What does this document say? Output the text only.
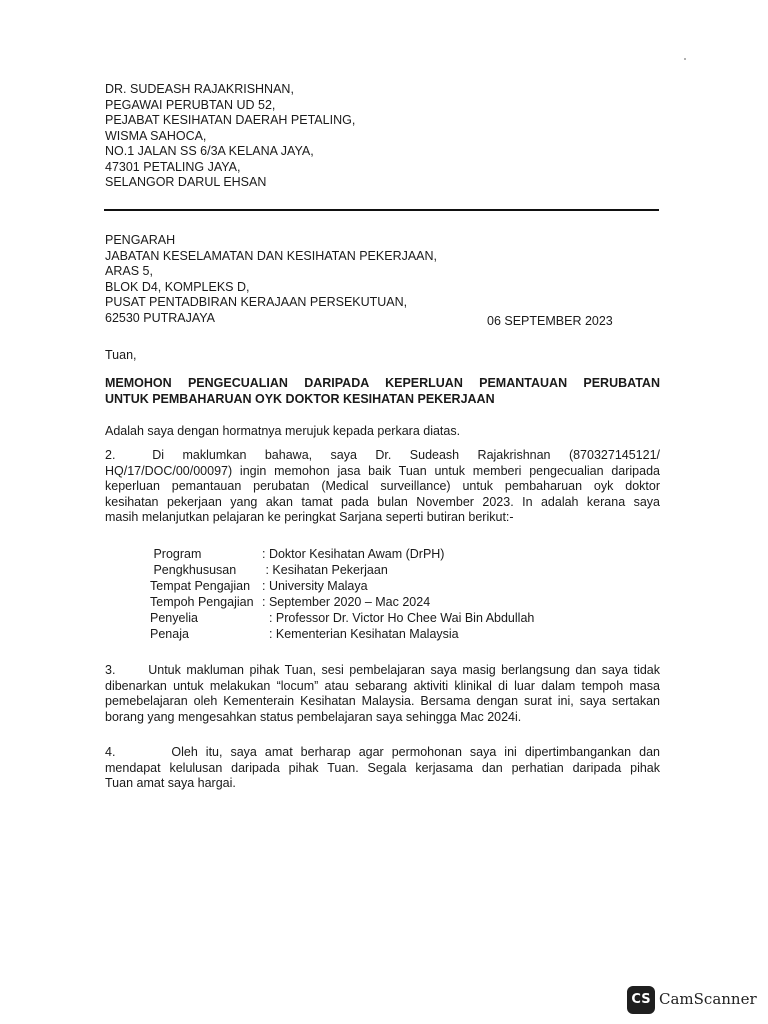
DR. SUDEASH RAJAKRISHNAN,
PEGAWAI PERUBTAN UD 52,
PEJABAT KESIHATAN DAERAH PETALING,
WISMA SAHOCA,
NO.1 JALAN SS 6/3A KELANA JAYA,
47301 PETALING JAYA,
SELANGOR DARUL EHSAN
PENGARAH
JABATAN KESELAMATAN DAN KESIHATAN PEKERJAAN,
ARAS 5,
BLOK D4, KOMPLEKS D,
PUSAT PENTADBIRAN KERAJAAN PERSEKUTUAN,
62530 PUTRAJAYA	06 SEPTEMBER 2023
Tuan,
MEMOHON PENGECUALIAN DARIPADA KEPERLUAN PEMANTAUAN PERUBATAN
UNTUK PEMBAHARUAN OYK DOKTOR KESIHATAN PEKERJAAN
Adalah saya dengan hormatnya merujuk kepada perkara diatas.
2.      Di   maklumkan   bahawa,   saya   Dr.   Sudeash   Rajakrishnan   (870327145121/
HQ/17/DOC/00/00097) ingin memohon jasa baik Tuan untuk memberi pengecualian daripada
keperluan pemantauan perubatan (Medical surveillance) untuk pembaharuan oyk doktor
kesihatan pekerjaan yang akan tamat pada bulan November 2023. In adalah kerana saya
masih melanjutkan pelajaran ke peringkat Sarjana seperti butiran berikut:-
Program	: Doktor Kesihatan Awam (DrPH)
Pengkhususan	: Kesihatan Pekerjaan
Tempat Pengajian : University Malaya
Tempoh Pengajian : September 2020 – Mac 2024
Penyelia	: Professor Dr. Victor Ho Chee Wai Bin Abdullah
Penaja	: Kementerian Kesihatan Malaysia
3.      Untuk makluman pihak Tuan, sesi pembelajaran saya masig berlangsung dan saya tidak
dibenarkan untuk melakukan “locum” atau sebarang aktiviti klinikal di luar dalam tempoh masa
pemebelajaran oleh Kementerain Kesihatan Malaysia. Bersama dengan surat ini, saya sertakan
borang yang mengesahkan status pembelajaran saya sehingga Mac 2024i.
4.       Oleh itu, saya amat berharap agar permohonan saya ini dipertimbangankan dan
mendapat kelulusan daripada pihak Tuan. Segala kerjasama dan perhatian daripada pihak
Tuan amat saya hargai.
CS CamScanner
